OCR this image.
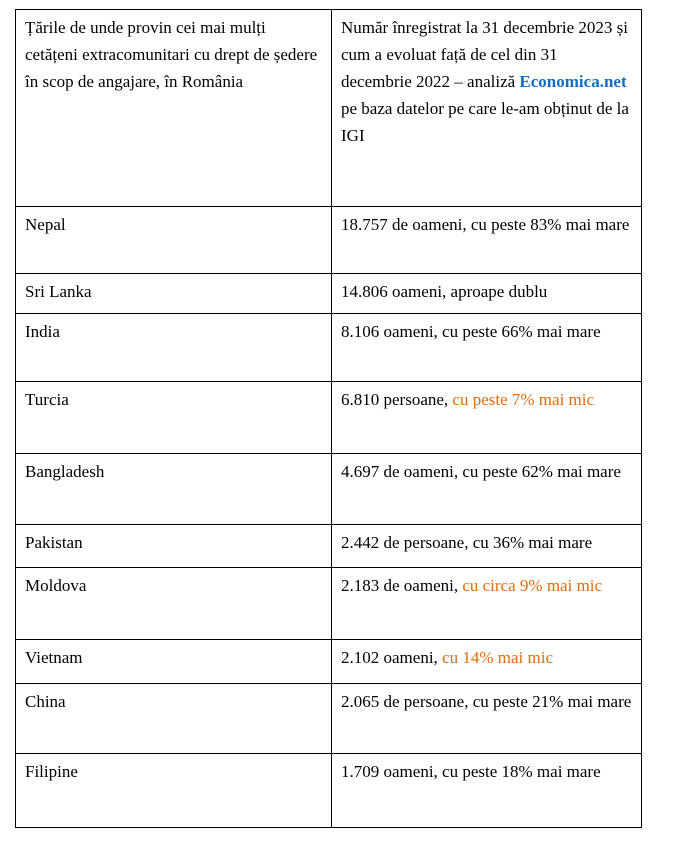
Țările de unde provin cei mai mulți cetățeni extracomunitari cu drept de ședere în scop de angajare, în România	Număr înregistrat la 31 decembrie 2023 și cum a evoluat față de cel din 31 decembrie 2022 – analiză Economica.net pe baza datelor pe care le-am obținut de la IGI
Nepal	18.757 de oameni, cu peste 83% mai mare
Sri Lanka	14.806 oameni, aproape dublu
India	8.106 oameni, cu peste 66% mai mare
Turcia	6.810 persoane, cu peste 7% mai mic
Bangladesh	4.697 de oameni, cu peste 62% mai mare
Pakistan	2.442 de persoane, cu 36% mai mare
Moldova	2.183 de oameni, cu circa 9% mai mic
Vietnam	2.102 oameni, cu 14% mai mic
China	2.065 de persoane, cu peste 21% mai mare
Filipine	1.709 oameni, cu peste 18% mai mare
